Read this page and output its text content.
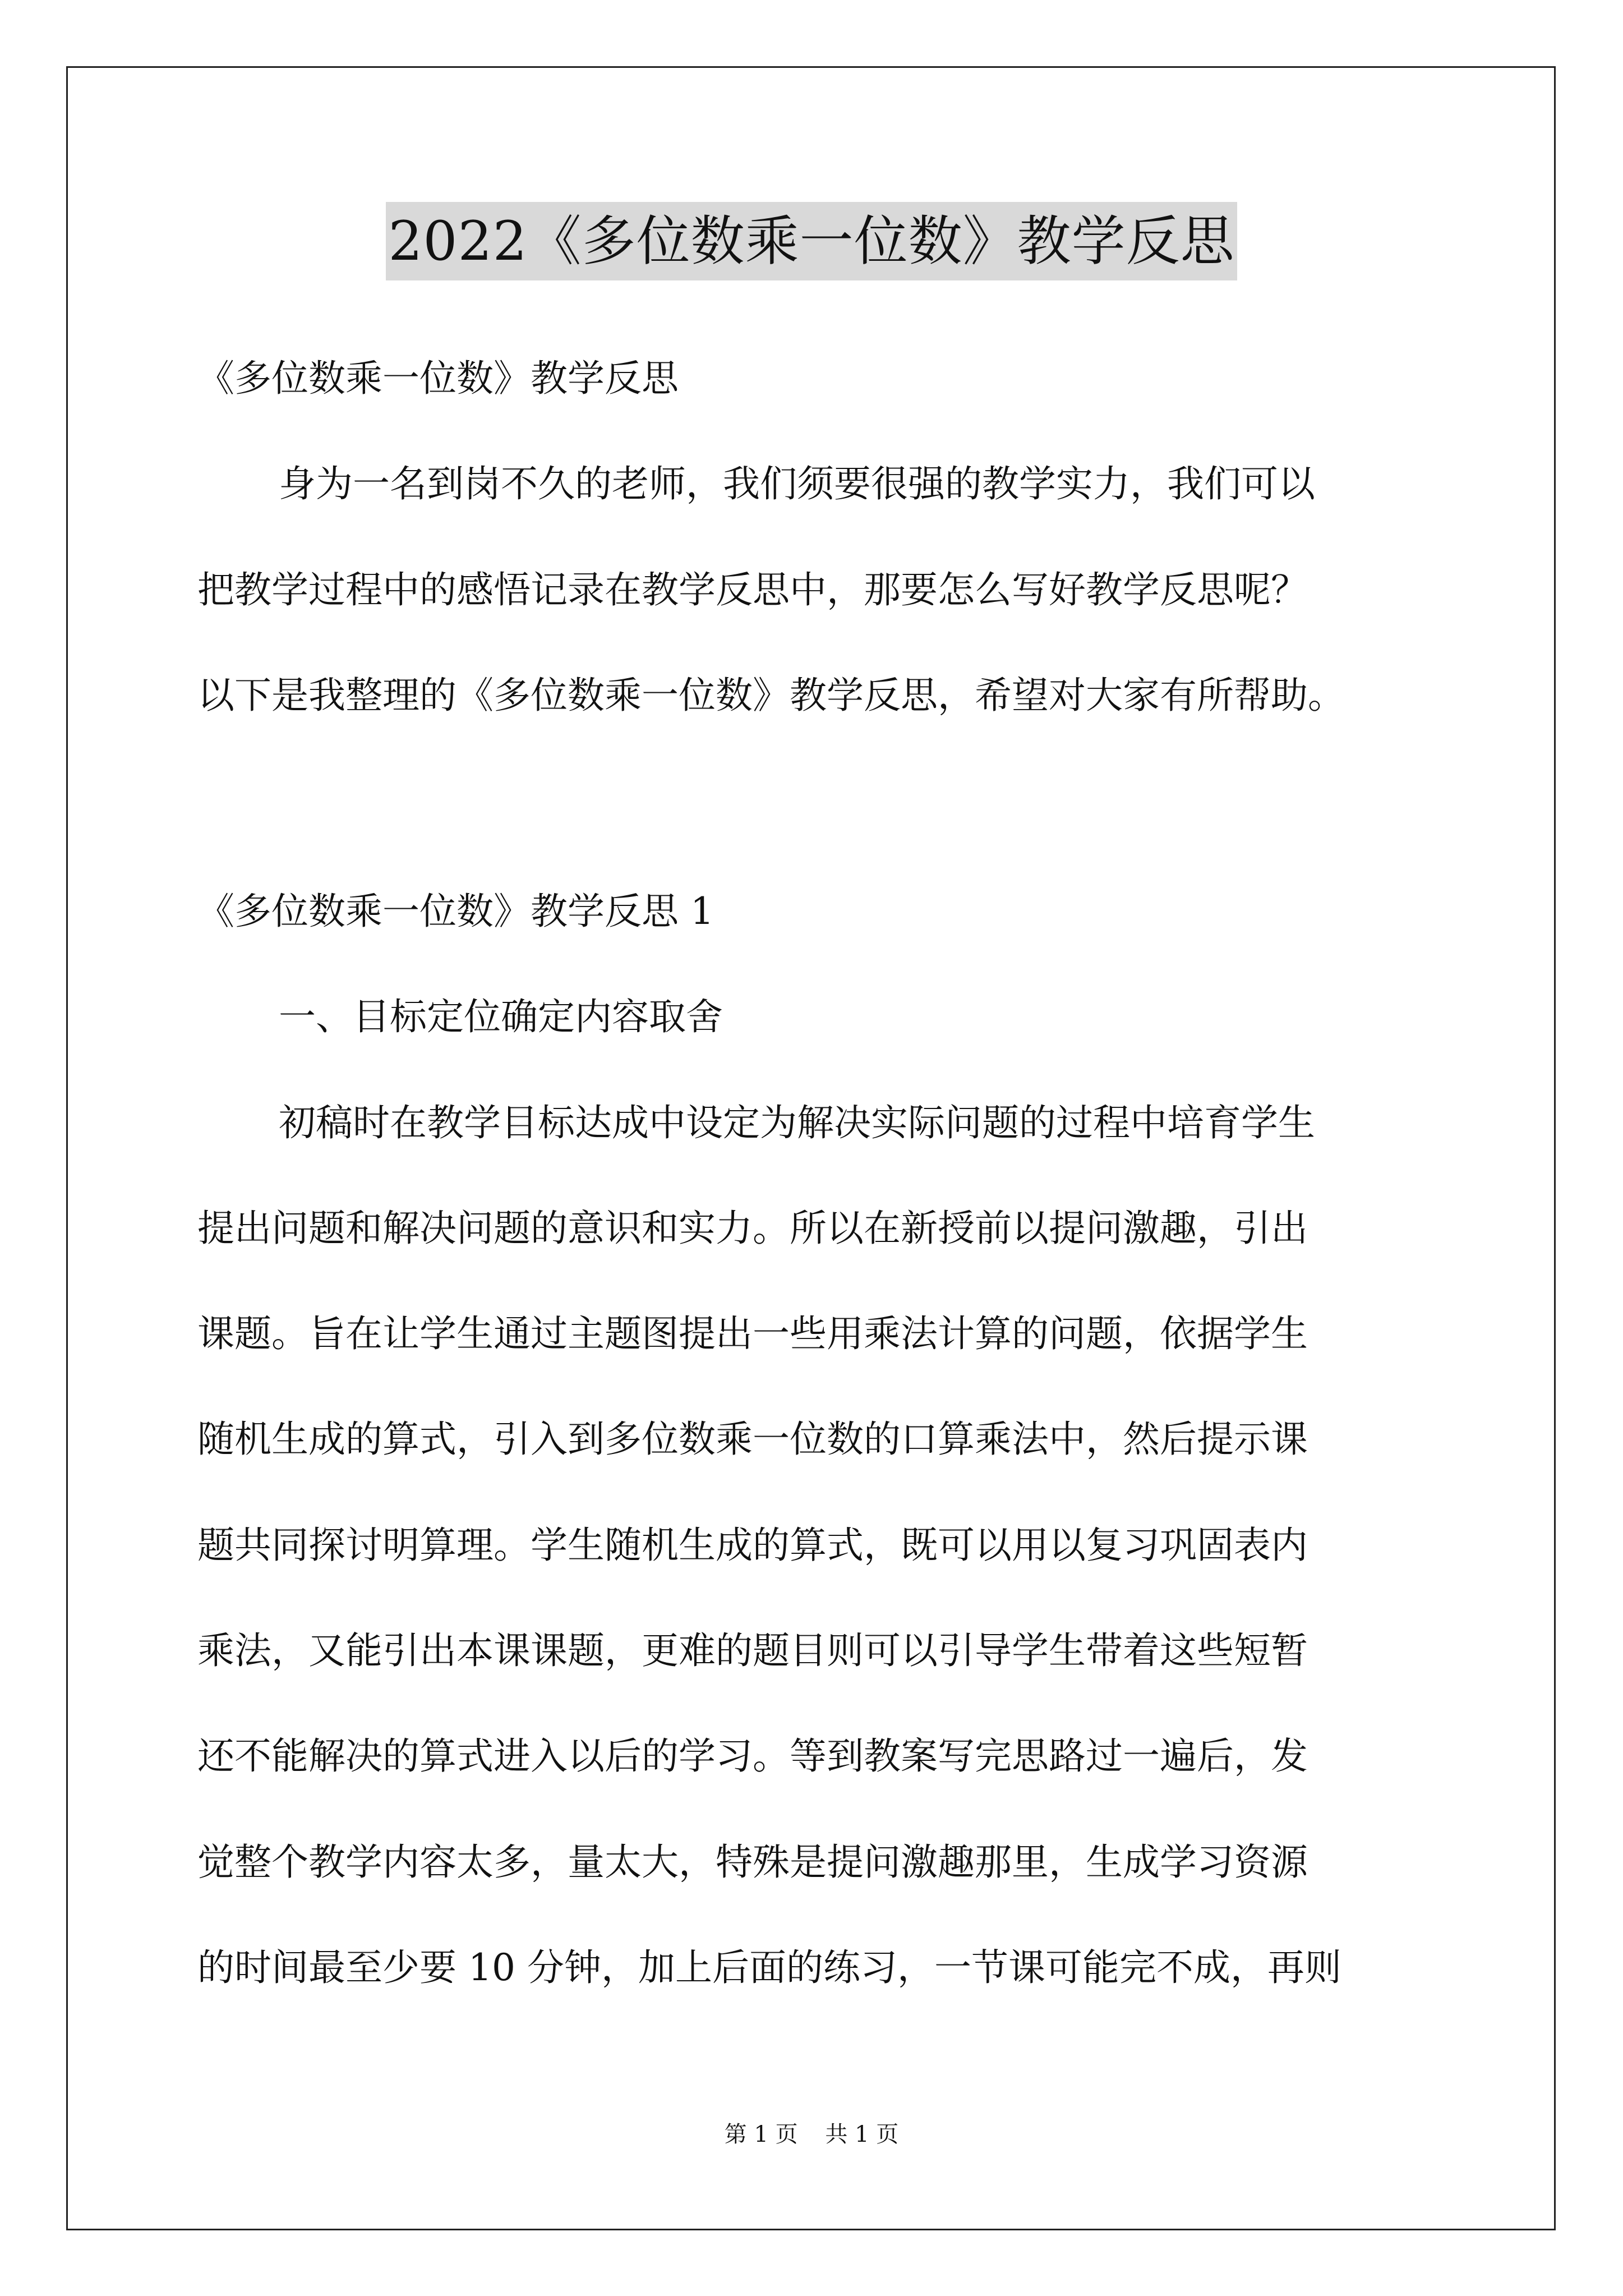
2022《多位数乘一位数》教学反思
《多位数乘一位数》教学反思
身为一名到岗不久的老师，我们须要很强的教学实力，我们可以
把教学过程中的感悟记录在教学反思中，那要怎么写好教学反思呢？
以下是我整理的《多位数乘一位数》教学反思，希望对大家有所帮助。
《多位数乘一位数》教学反思 1
一、目标定位确定内容取舍
初稿时在教学目标达成中设定为解决实际问题的过程中培育学生
提出问题和解决问题的意识和实力。所以在新授前以提问激趣，引出
课题。旨在让学生通过主题图提出一些用乘法计算的问题，依据学生
随机生成的算式，引入到多位数乘一位数的口算乘法中，然后提示课
题共同探讨明算理。学生随机生成的算式，既可以用以复习巩固表内
乘法，又能引出本课课题，更难的题目则可以引导学生带着这些短暂
还不能解决的算式进入以后的学习。等到教案写完思路过一遍后，发
觉整个教学内容太多，量太大，特殊是提问激趣那里，生成学习资源
的时间最至少要 10 分钟，加上后面的练习，一节课可能完不成，再则
第 1 页 共 1 页
